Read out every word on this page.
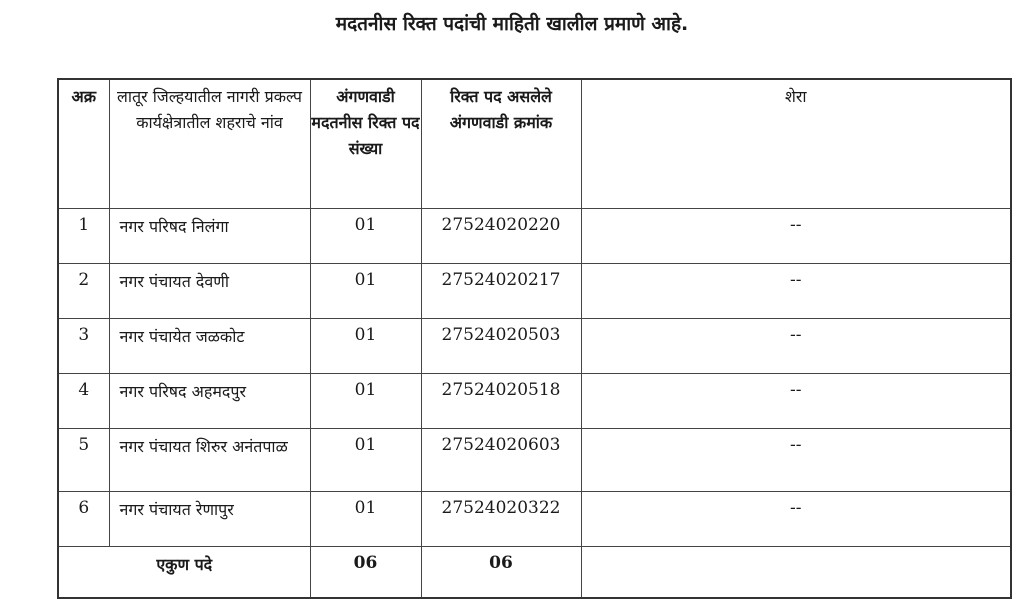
मदतनीस रिक्त पदांची माहिती खालील प्रमाणे आहे.
अक्र	लातूर जिल्हयातील नागरी प्रकल्प कार्यक्षेत्रातील शहराचे नांव	अंगणवाडी मदतनीस रिक्त पद संख्या	रिक्त पद असलेले अंगणवाडी क्रमांक	शेरा
1	नगर परिषद निलंगा	01	27524020220	--
2	नगर पंचायत देवणी	01	27524020217	--
3	नगर पंचायेत जळकोट	01	27524020503	--
4	नगर परिषद अहमदपुर	01	27524020518	--
5	नगर पंचायत शिरुर अनंतपाळ	01	27524020603	--
6	नगर पंचायत रेणापुर	01	27524020322	--
एकुण पदे		06	06	
